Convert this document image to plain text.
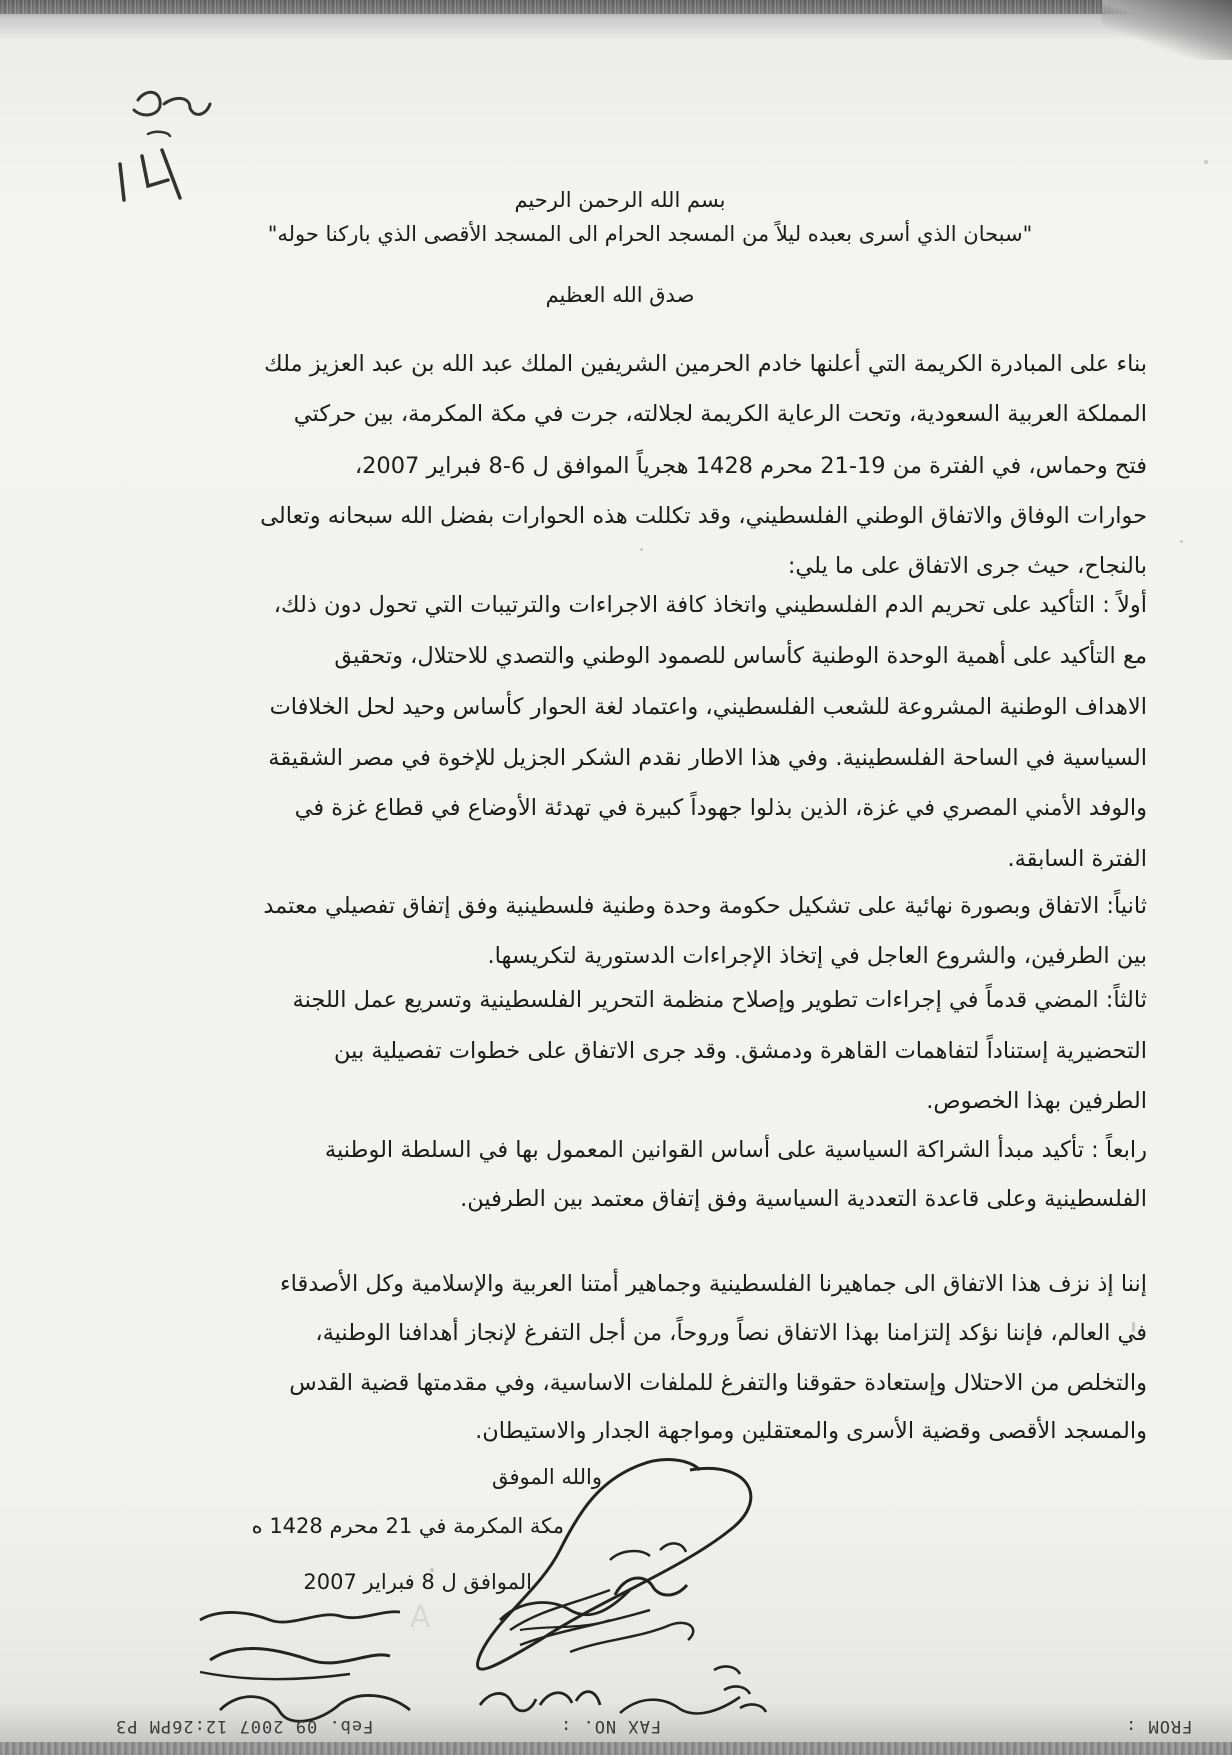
بسم الله الرحمن الرحيم
"سبحان الذي أسرى بعبده ليلاً من المسجد الحرام الى المسجد الأقصى الذي باركنا حوله"
صدق الله العظيم
بناء على المبادرة الكريمة التي أعلنها خادم الحرمين الشريفين الملك عبد الله بن عبد العزيز ملك
المملكة العربية السعودية، وتحت الرعاية الكريمة لجلالته، جرت في مكة المكرمة، بين حركتي
فتح وحماس، في الفترة من 19-21 محرم 1428 هجرياً الموافق ل 6-8 فبراير 2007،
حوارات الوفاق والاتفاق الوطني الفلسطيني، وقد تكللت هذه الحوارات بفضل الله سبحانه وتعالى
بالنجاح، حيث جرى الاتفاق على ما يلي:
أولاً : التأكيد على تحريم الدم الفلسطيني واتخاذ كافة الاجراءات والترتيبات التي تحول دون ذلك،
مع التأكيد على أهمية الوحدة الوطنية كأساس للصمود الوطني والتصدي للاحتلال، وتحقيق
الاهداف الوطنية المشروعة للشعب الفلسطيني، واعتماد لغة الحوار كأساس وحيد لحل الخلافات
السياسية في الساحة الفلسطينية. وفي هذا الاطار نقدم الشكر الجزيل للإخوة في مصر الشقيقة
والوفد الأمني المصري في غزة، الذين بذلوا جهوداً كبيرة في تهدئة الأوضاع في قطاع غزة في
الفترة السابقة.
ثانياً: الاتفاق وبصورة نهائية على تشكيل حكومة وحدة وطنية فلسطينية وفق إتفاق تفصيلي معتمد
بين الطرفين، والشروع العاجل في إتخاذ الإجراءات الدستورية لتكريسها.
ثالثاً: المضي قدماً في إجراءات تطوير وإصلاح منظمة التحرير الفلسطينية وتسريع عمل اللجنة
التحضيرية إستناداً لتفاهمات القاهرة ودمشق. وقد جرى الاتفاق على خطوات تفصيلية بين
الطرفين بهذا الخصوص.
رابعاً : تأكيد مبدأ الشراكة السياسية على أساس القوانين المعمول بها في السلطة الوطنية
الفلسطينية وعلى قاعدة التعددية السياسية وفق إتفاق معتمد بين الطرفين.
إننا إذ نزف هذا الاتفاق الى جماهيرنا الفلسطينية وجماهير أمتنا العربية والإسلامية وكل الأصدقاء
في العالم، فإننا نؤكد إلتزامنا بهذا الاتفاق نصاً وروحاً، من أجل التفرغ لإنجاز أهدافنا الوطنية،
والتخلص من الاحتلال وإستعادة حقوقنا والتفرغ للملفات الاساسية، وفي مقدمتها قضية القدس
والمسجد الأقصى وقضية الأسرى والمعتقلين ومواجهة الجدار والاستيطان.
والله الموفق
مكة المكرمة في 21 محرم 1428 ه
الموافق ل 8 فبراير 2007
A
FROM :
FAX NO. :
Feb. 09 2007 12:26PM P3
